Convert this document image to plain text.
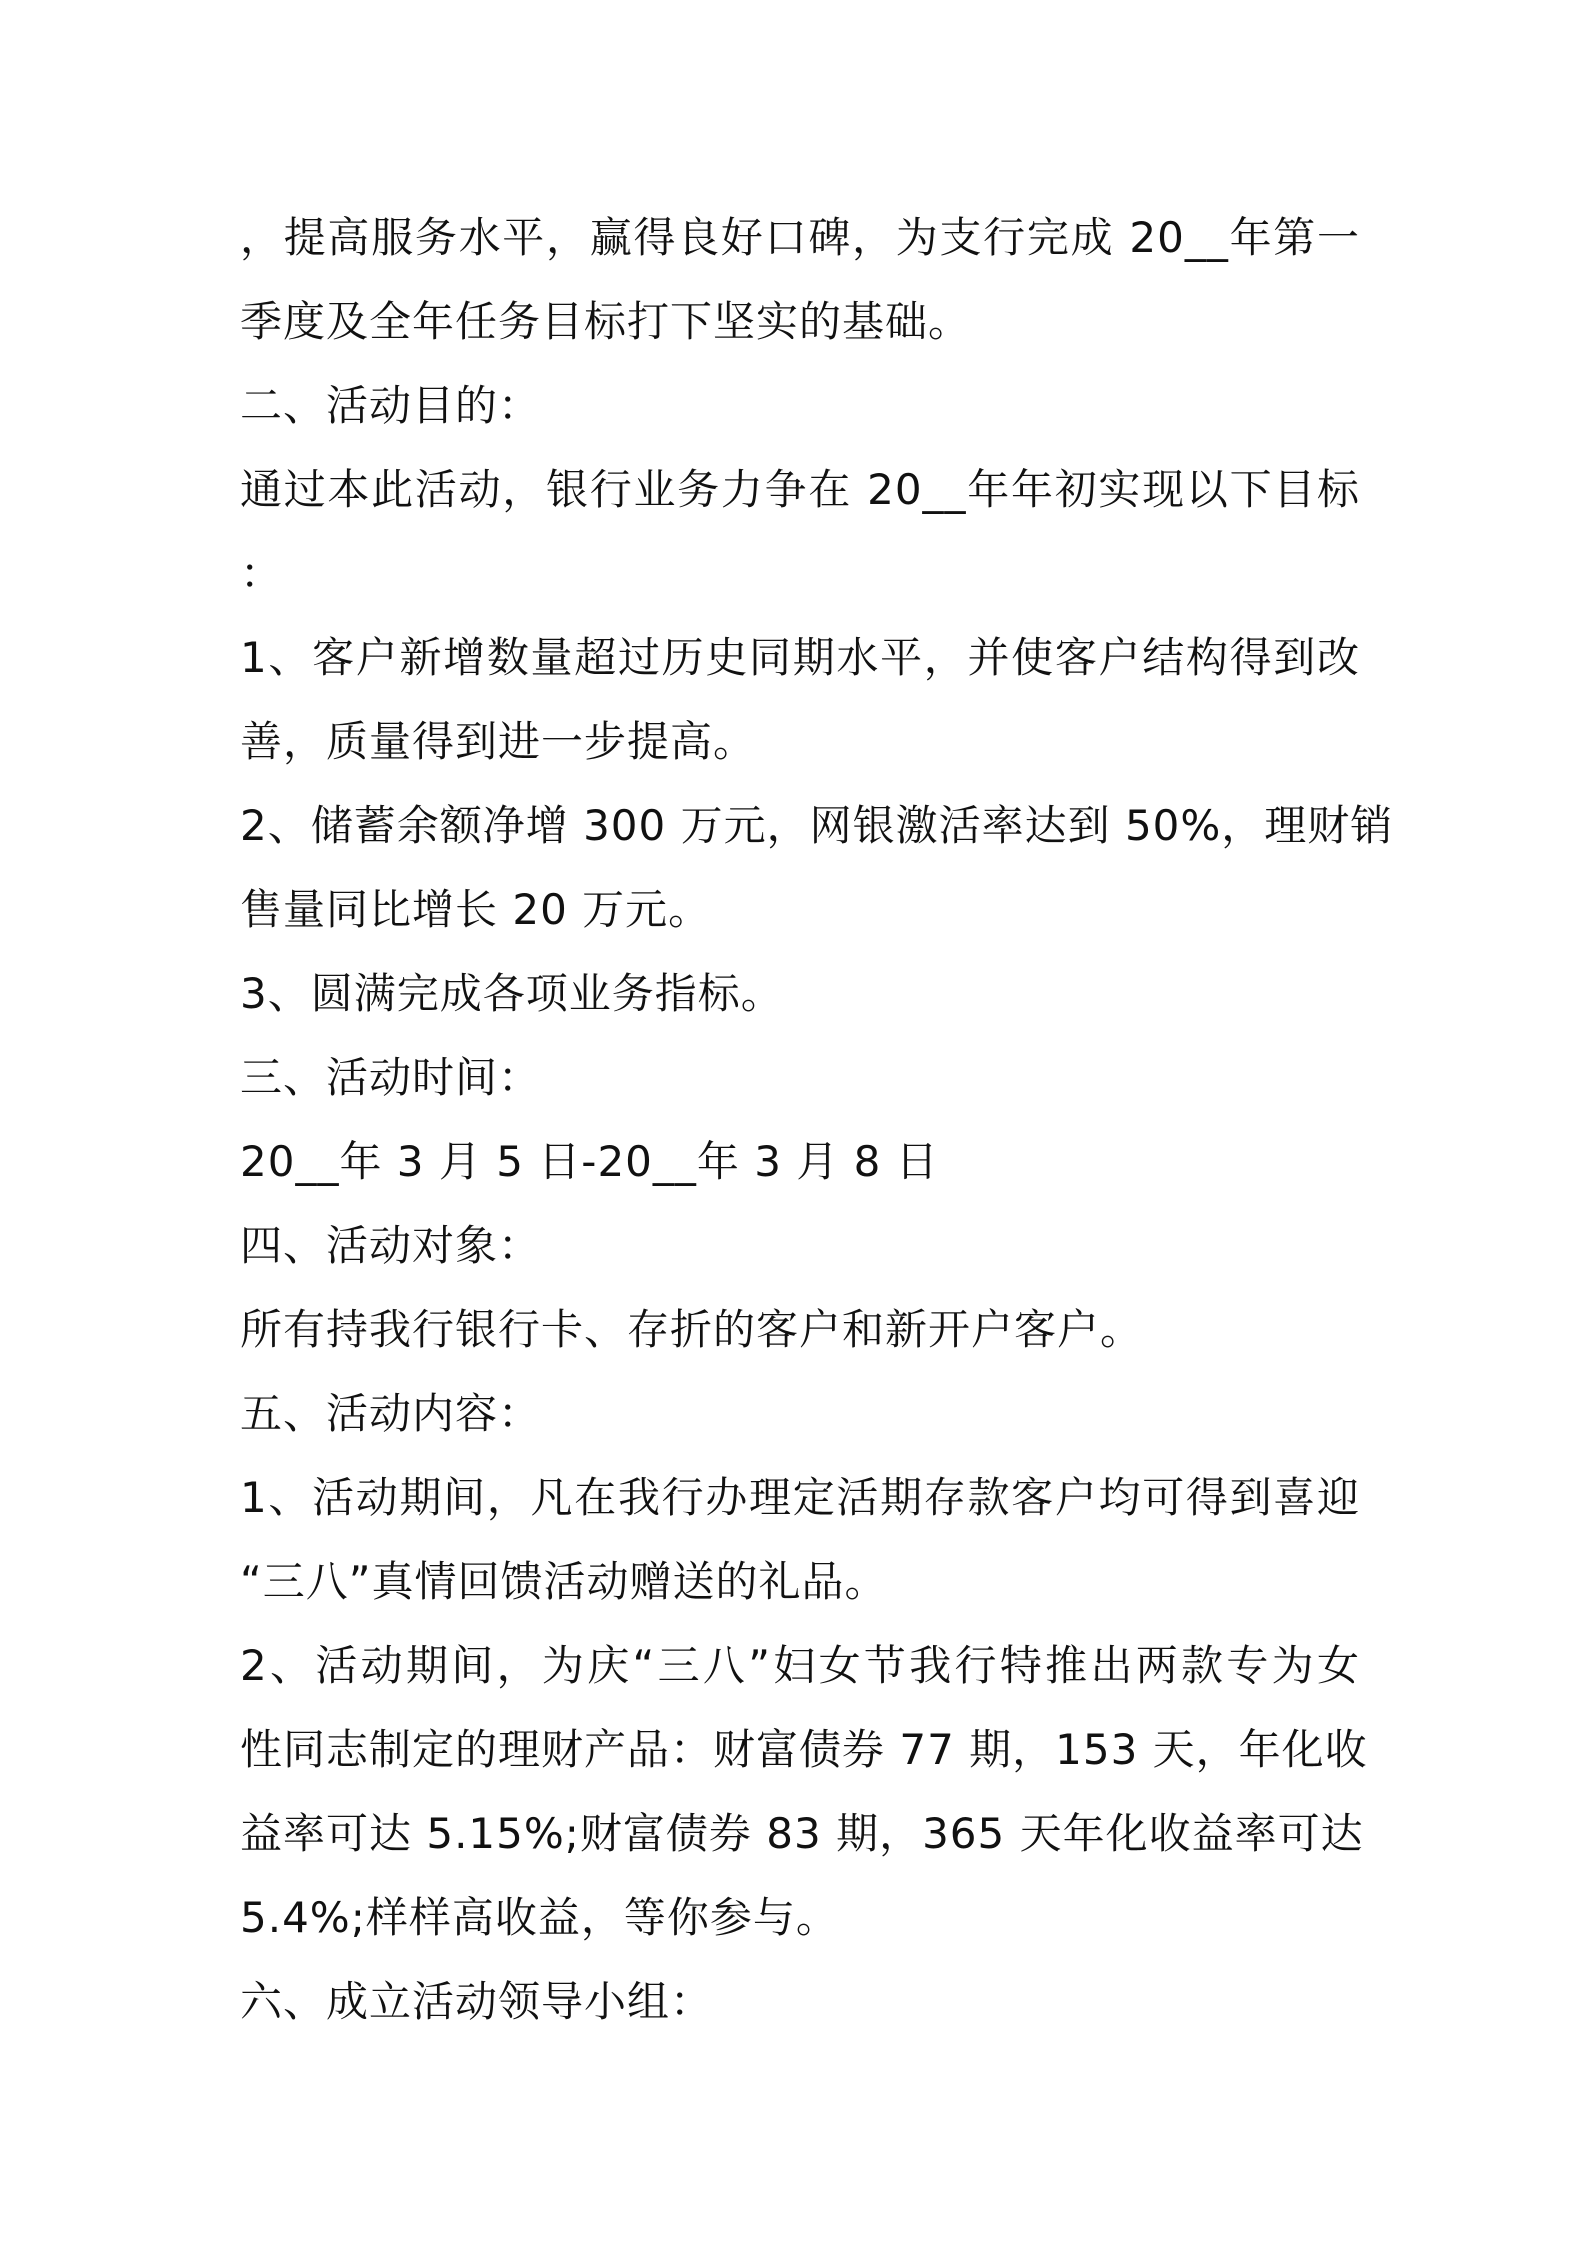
，提高服务水平，赢得良好口碑，为支行完成 20__年第一
季度及全年任务目标打下坚实的基础。
二、活动目的：
通过本此活动，银行业务力争在 20__年年初实现以下目标
：
1、客户新增数量超过历史同期水平，并使客户结构得到改
善，质量得到进一步提高。
2、储蓄余额净增 300 万元，网银激活率达到 50%，理财销
售量同比增长 20 万元。
3、圆满完成各项业务指标。
三、活动时间：
20__年 3 月 5 日-20__年 3 月 8 日
四、活动对象：
所有持我行银行卡、存折的客户和新开户客户。
五、活动内容：
1、活动期间，凡在我行办理定活期存款客户均可得到喜迎
“三八”真情回馈活动赠送的礼品。
2、活动期间，为庆“三八”妇女节我行特推出两款专为女
性同志制定的理财产品：财富债券 77 期，153 天，年化收
益率可达 5.15%;财富债券 83 期，365 天年化收益率可达
5.4%;样样高收益，等你参与。
六、成立活动领导小组：
